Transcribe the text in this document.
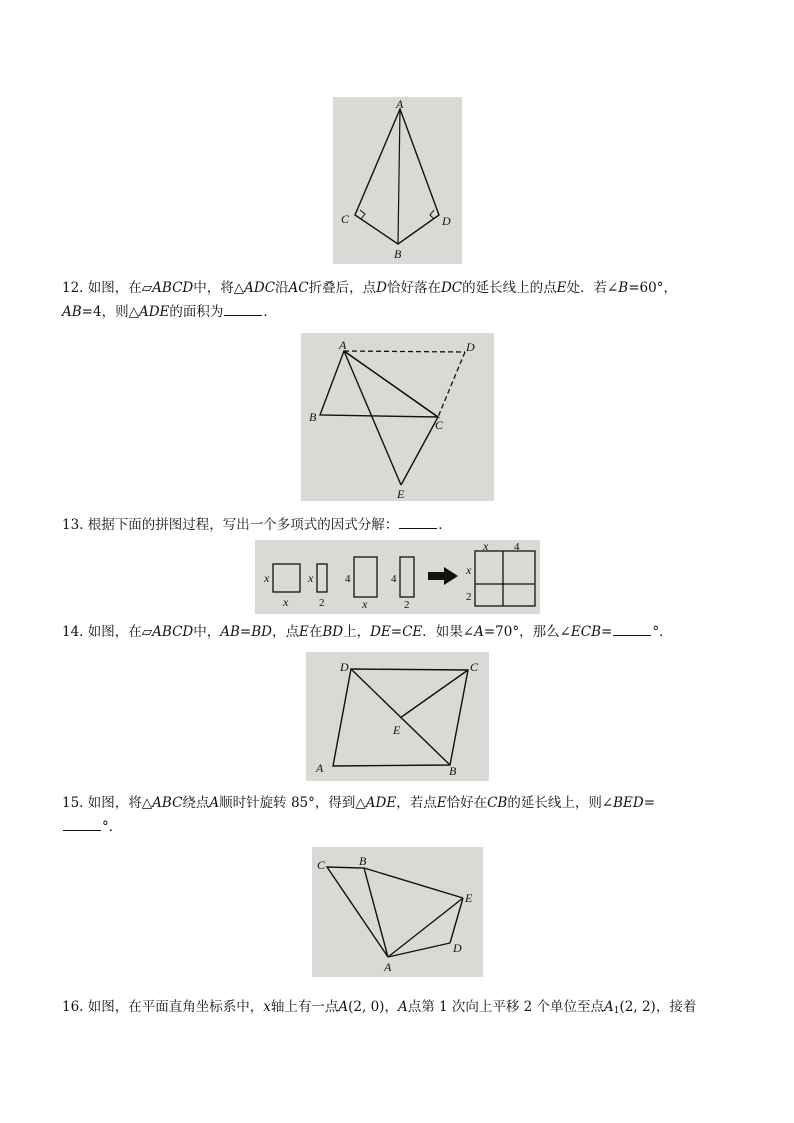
A
C	D
B
12. 如图，在▱ABCD中，将△ADC沿AC折叠后，点D恰好落在DC的延长线上的点E处．若∠B=60°，
AB=4，则△ADE的面积为	．
A	D
B
C
E
13. 根据下面的拼图过程，写出一个多项式的因式分解：	．
x
x
x
2
4
x
4
2
x 4
x
2
14. 如图，在▱ABCD中，AB=BD，点E在BD上，DE=CE．如果∠A=70°，那么∠ECB=	°．
D	C
E
A	B
15. 如图，将△ABC绕点A顺时针旋转 85°，得到△ADE，若点E恰好在CB的延长线上，则∠BED=
°．
C	B
E
D
A
16. 如图，在平面直角坐标系中，x轴上有一点A(2, 0)，A点第 1 次向上平移 2 个单位至点$A_1(2$, 2)，接着
